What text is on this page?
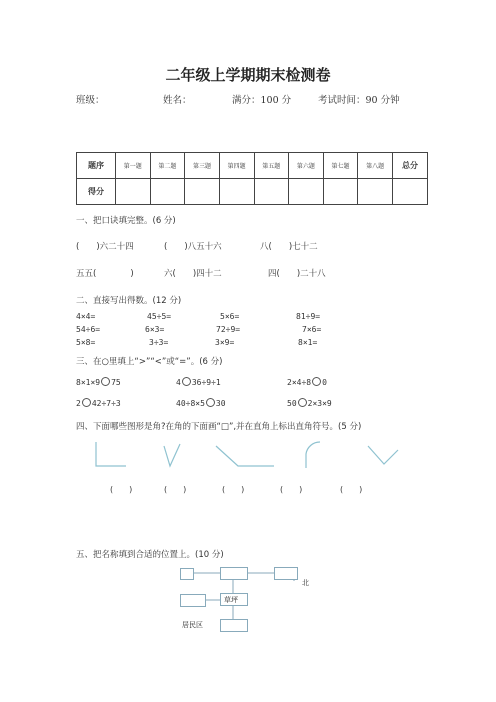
二年级上学期期末检测卷
班级：	姓名：	满分：100 分	考试时间：90 分钟
题序	第一题	第二题	第三题	第四题	第五题	第六题	第七题	第八题	总分
得分									
一、把口诀填完整。(6 分)
(　　)六二十四	(　　)八五十六	八(　　)七十二
五五(　　　　)	六(　　)四十二	四(　　)二十八
二、直接写出得数。(12 分)
4×4=	45÷5=	5×6=	81÷9=
54÷6=	6×3=	72÷9=	7×6=
5×8=	3÷3=	3×9=	8×1=
三、在○里填上“>”“<”或“=”。(6 分)
8×1×9 75	4 36÷9÷1	2×4÷8 0
2 42÷7÷3	40÷8×5 30	50 2×3×9
四、下面哪些图形是角?在角的下面画“□”,并在直角上标出直角符号。(5 分)
(　　)	(　　)	(　　)	(　　)	(　　)
五、把名称填到合适的位置上。(10 分)
草坪
居民区
北
